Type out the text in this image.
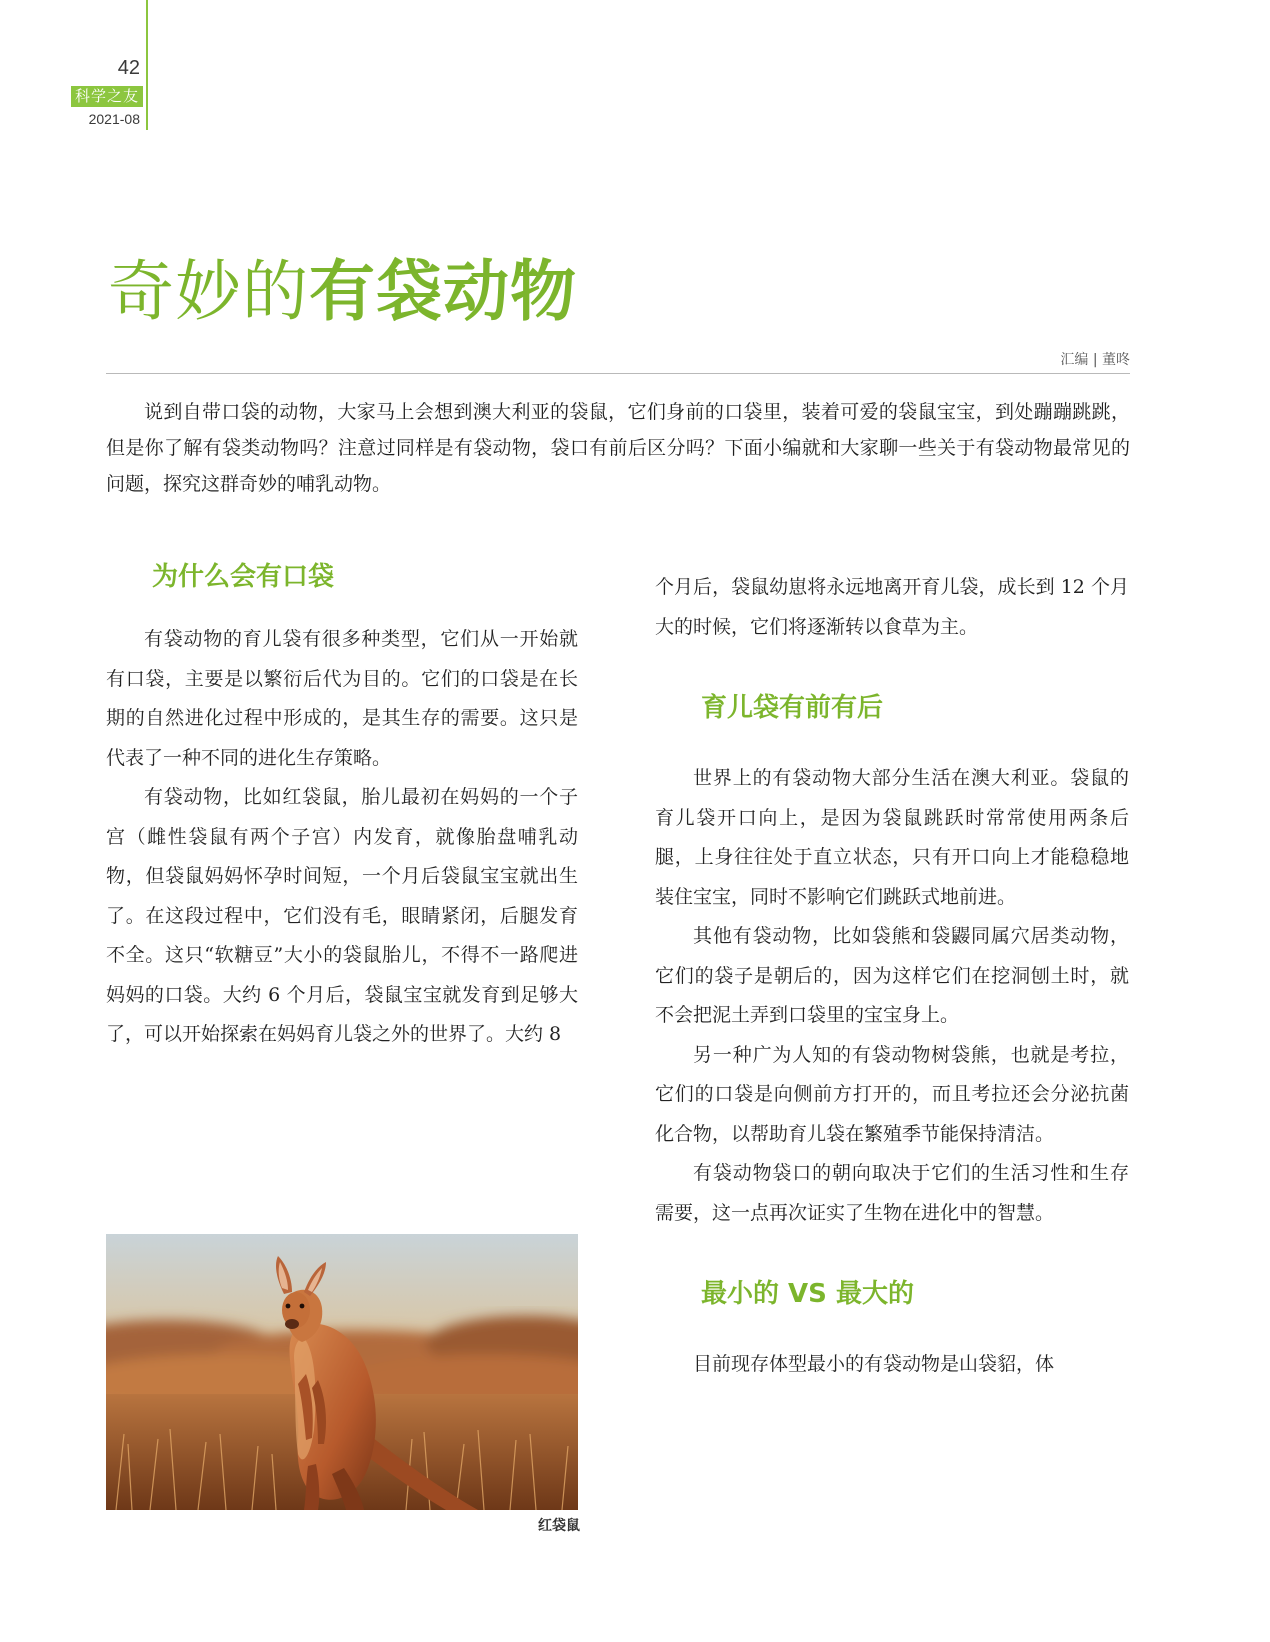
42
科学之友
2021-08
奇妙的有袋动物
汇编 | 董咚

说到自带口袋的动物，大家马上会想到澳大利亚的袋鼠，它们身前的口袋里，装着可爱的袋鼠宝宝，到处蹦蹦跳跳，但是你了解有袋类动物吗？注意过同样是有袋动物，袋口有前后区分吗？下面小编就和大家聊一些关于有袋动物最常见的问题，探究这群奇妙的哺乳动物。

为什么会有口袋

有袋动物的育儿袋有很多种类型，它们从一开始就有口袋，主要是以繁衍后代为目的。它们的口袋是在长期的自然进化过程中形成的，是其生存的需要。这只是代表了一种不同的进化生存策略。

有袋动物，比如红袋鼠，胎儿最初在妈妈的一个子宫（雌性袋鼠有两个子宫）内发育，就像胎盘哺乳动物，但袋鼠妈妈怀孕时间短，一个月后袋鼠宝宝就出生了。在这段过程中，它们没有毛，眼睛紧闭，后腿发育不全。这只“软糖豆”大小的袋鼠胎儿，不得不一路爬进妈妈的口袋。大约 6 个月后，袋鼠宝宝就发育到足够大了，可以开始探索在妈妈育儿袋之外的世界了。大约 8

红袋鼠

个月后，袋鼠幼崽将永远地离开育儿袋，成长到 12 个月大的时候，它们将逐渐转以食草为主。

育儿袋有前有后

世界上的有袋动物大部分生活在澳大利亚。袋鼠的育儿袋开口向上，是因为袋鼠跳跃时常常使用两条后腿，上身往往处于直立状态，只有开口向上才能稳稳地装住宝宝，同时不影响它们跳跃式地前进。

其他有袋动物，比如袋熊和袋鼹同属穴居类动物，它们的袋子是朝后的，因为这样它们在挖洞刨土时，就不会把泥土弄到口袋里的宝宝身上。

另一种广为人知的有袋动物树袋熊，也就是考拉，它们的口袋是向侧前方打开的，而且考拉还会分泌抗菌化合物，以帮助育儿袋在繁殖季节能保持清洁。

有袋动物袋口的朝向取决于它们的生活习性和生存需要，这一点再次证实了生物在进化中的智慧。

最小的 VS 最大的

目前现存体型最小的有袋动物是山袋貂，体
